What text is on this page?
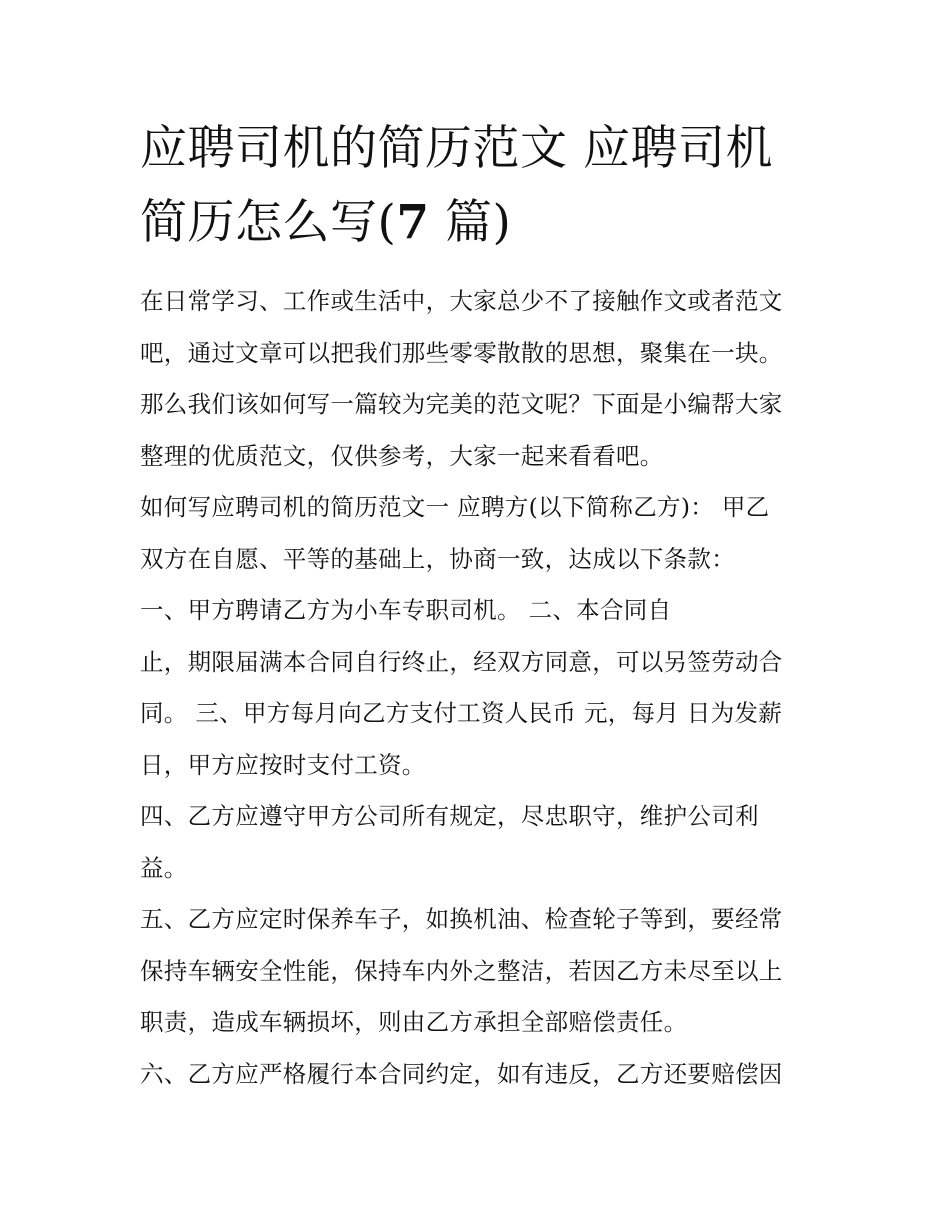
应聘司机的简历范文 应聘司机
简历怎么写(7 篇)

在日常学习、工作或生活中，大家总少不了接触作文或者范文
吧，通过文章可以把我们那些零零散散的思想，聚集在一块。
那么我们该如何写一篇较为完美的范文呢？下面是小编帮大家
整理的优质范文，仅供参考，大家一起来看看吧。

如何写应聘司机的简历范文一 应聘方(以下简称乙方)： 甲乙
双方在自愿、平等的基础上，协商一致，达成以下条款：

一、甲方聘请乙方为小车专职司机。 二、本合同自
止，期限届满本合同自行终止，经双方同意，可以另签劳动合
同。 三、甲方每月向乙方支付工资人民币 元，每月 日为发薪
日，甲方应按时支付工资。

四、乙方应遵守甲方公司所有规定，尽忠职守，维护公司利
益。

五、乙方应定时保养车子，如换机油、检查轮子等到，要经常
保持车辆安全性能，保持车内外之整洁，若因乙方未尽至以上
职责，造成车辆损坏，则由乙方承担全部赔偿责任。

六、乙方应严格履行本合同约定，如有违反，乙方还要赔偿因
